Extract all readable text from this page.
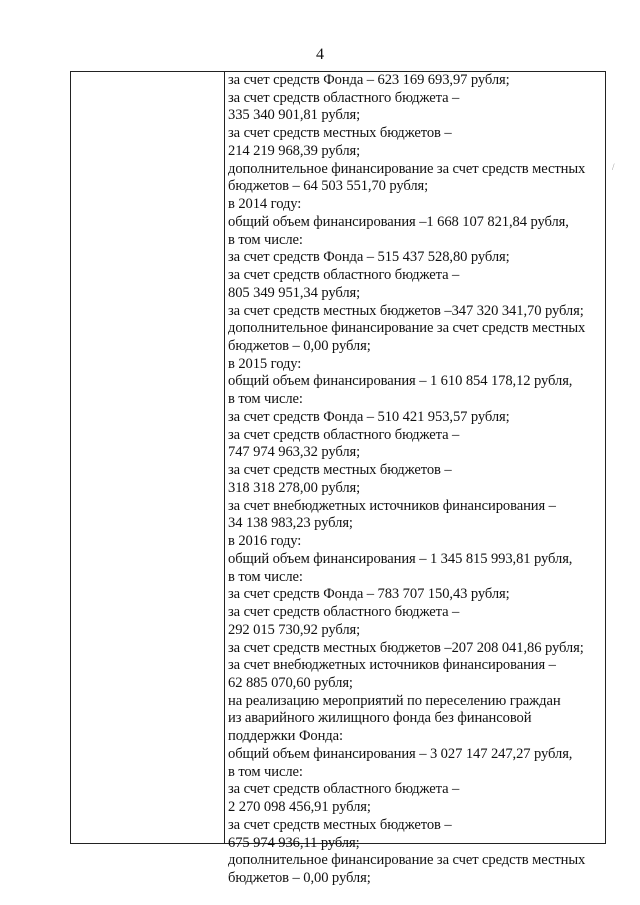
4
за счет средств Фонда – 623 169 693,97 рубля;
за счет средств областного бюджета –
335 340 901,81 рубля;
за счет средств местных бюджетов –
214 219 968,39 рубля;
дополнительное финансирование за счет средств местных
бюджетов – 64 503 551,70 рубля;
в 2014 году:
общий объем финансирования –1 668 107 821,84 рубля,
в том числе:
за счет средств Фонда – 515 437 528,80 рубля;
за счет средств областного бюджета –
805 349 951,34 рубля;
за счет средств местных бюджетов –347 320 341,70 рубля;
дополнительное финансирование за счет средств местных
бюджетов – 0,00 рубля;
в 2015 году:
общий объем финансирования – 1 610 854 178,12 рубля,
в том числе:
за счет средств Фонда – 510 421 953,57 рубля;
за счет средств областного бюджета –
747 974 963,32 рубля;
за счет средств местных бюджетов –
318 318 278,00 рубля;
за счет внебюджетных источников финансирования –
34 138 983,23 рубля;
в 2016 году:
общий объем финансирования – 1 345 815 993,81 рубля,
в том числе:
за счет средств Фонда – 783 707 150,43 рубля;
за счет средств областного бюджета –
292 015 730,92 рубля;
за счет средств местных бюджетов –207 208 041,86 рубля;
за счет внебюджетных источников финансирования –
62 885 070,60 рубля;
на реализацию мероприятий по переселению граждан
из аварийного жилищного фонда без финансовой
поддержки Фонда:
общий объем финансирования – 3 027 147 247,27 рубля,
в том числе:
за счет средств областного бюджета –
2 270 098 456,91 рубля;
за счет средств местных бюджетов –
675 974 936,11 рубля;
дополнительное финансирование за счет средств местных
бюджетов – 0,00 рубля;
/
